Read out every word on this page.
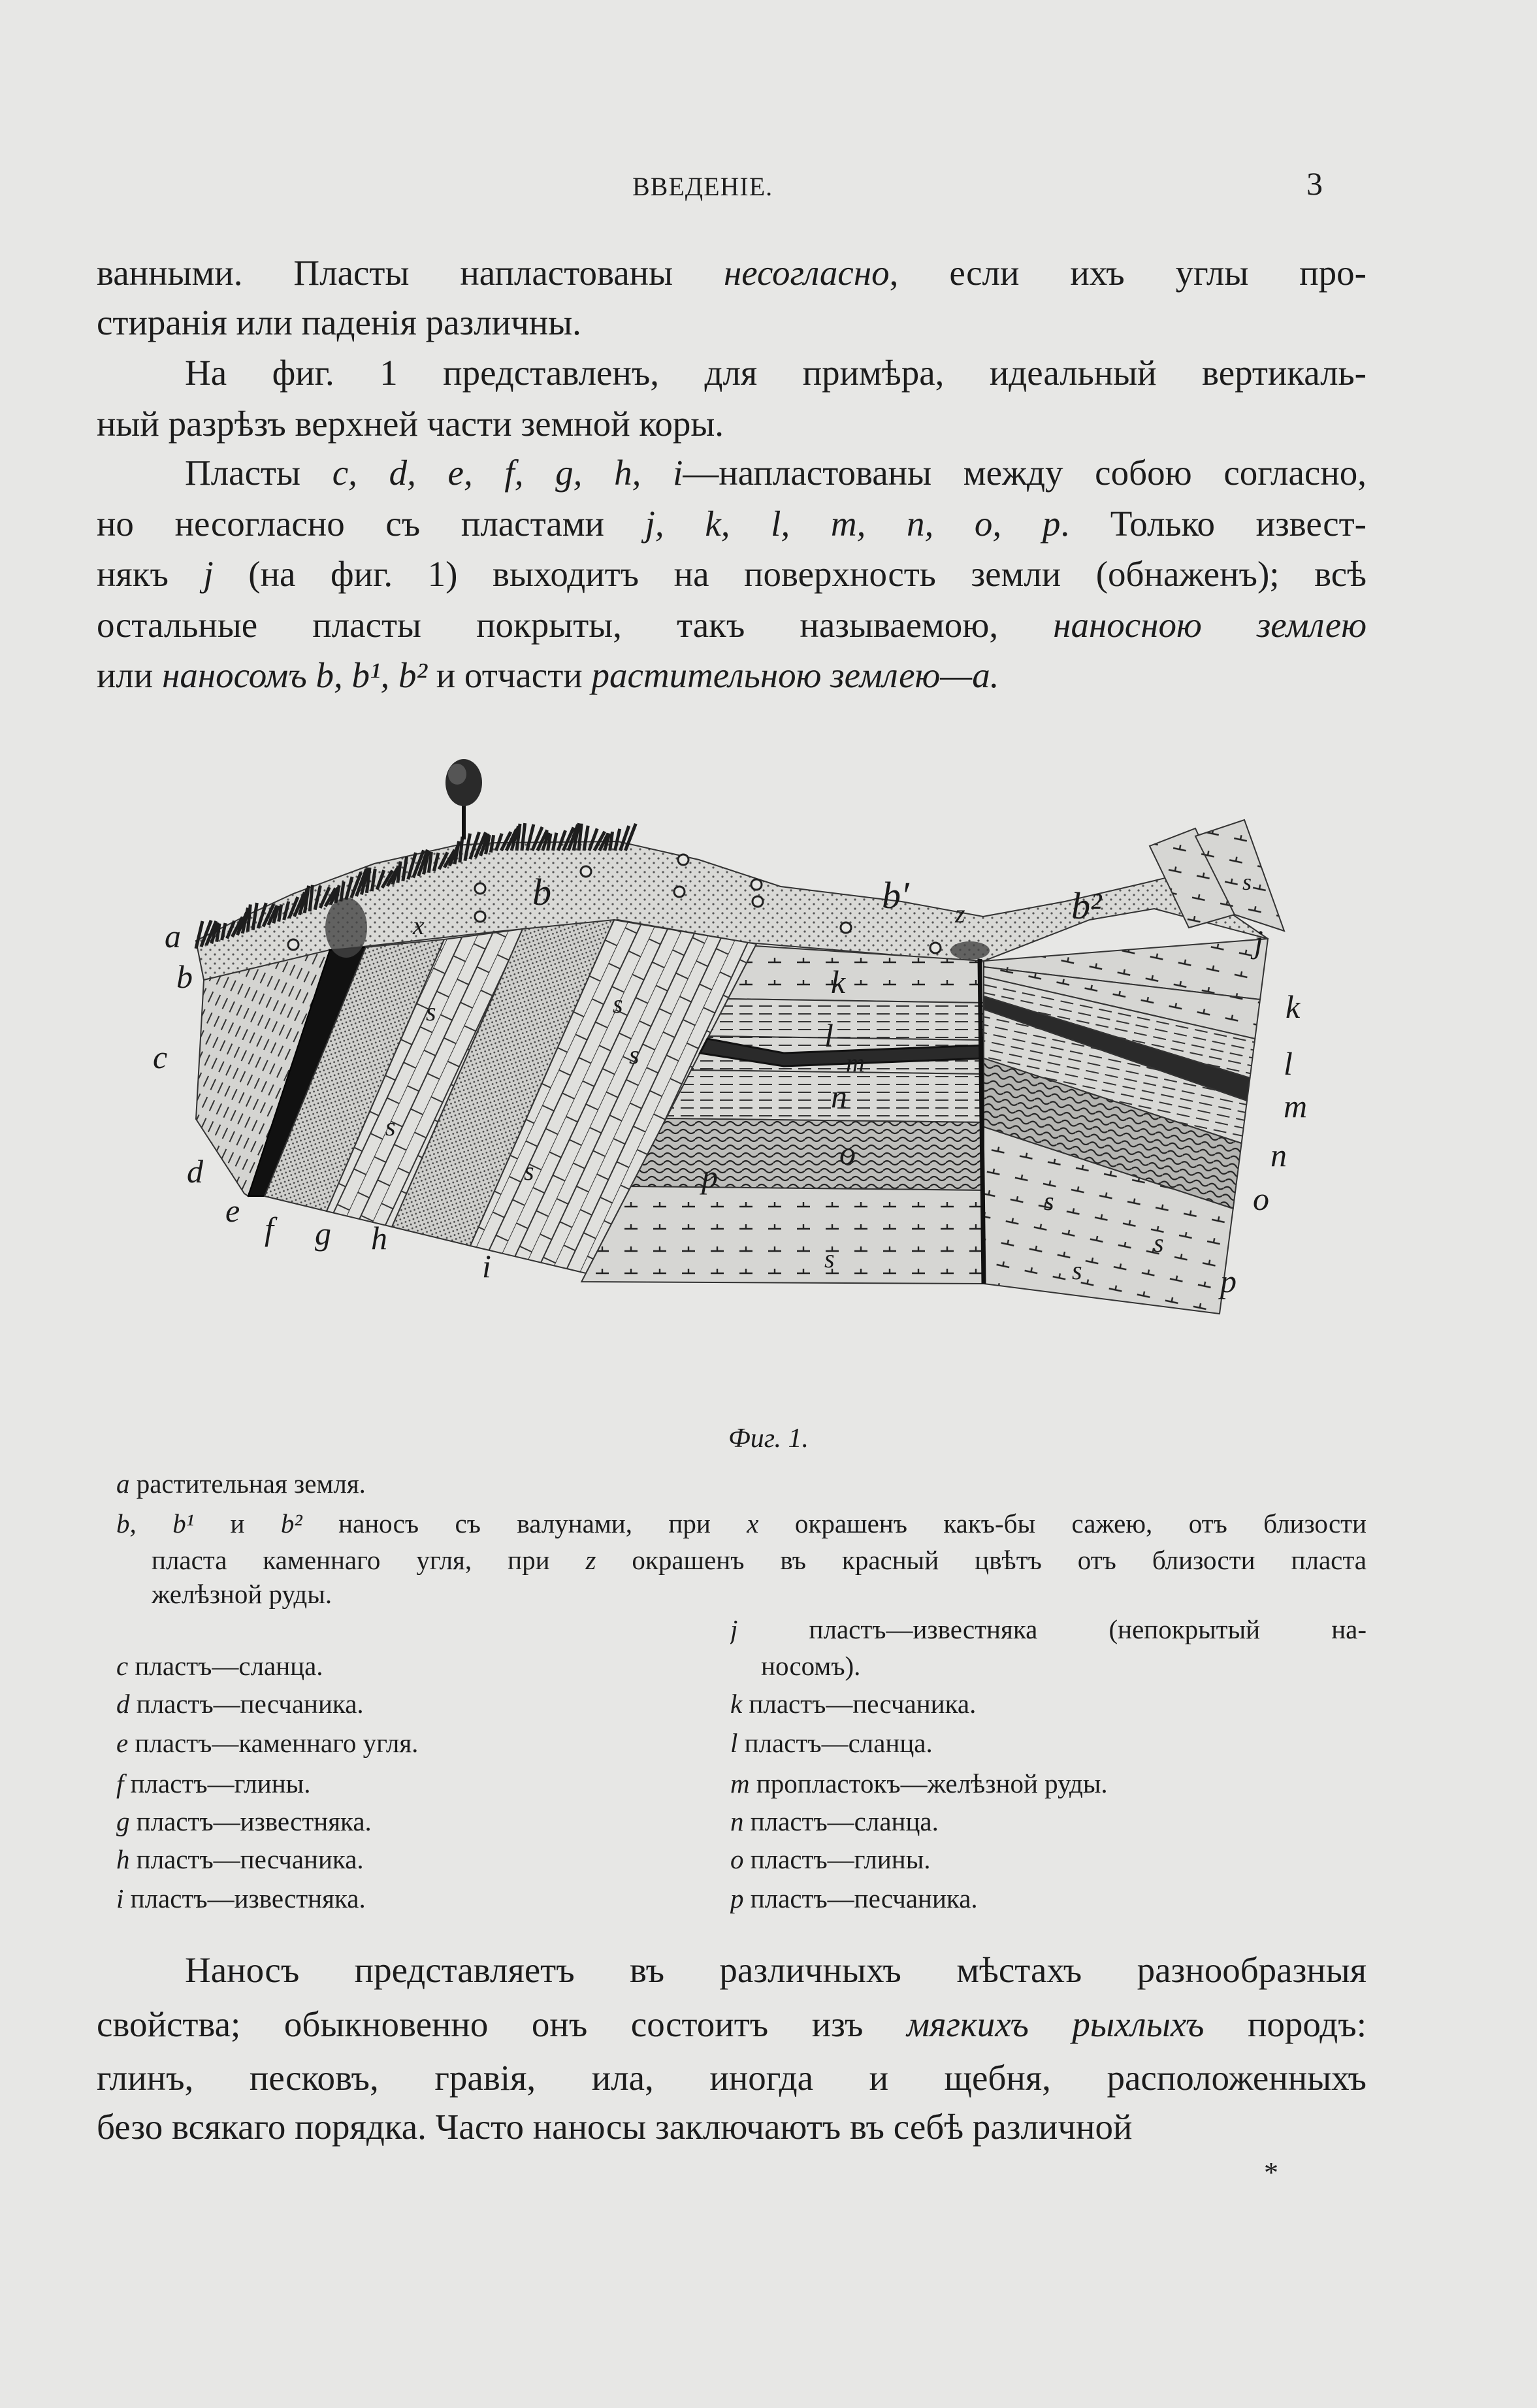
ВВЕДЕНІЕ.	3
ванными. Пласты напластованы несогласно, если ихъ углы про-
стиранія или паденія различны.
На фиг. 1 представленъ, для примѣра, идеальный вертикаль-
ный разрѣзъ верхней части земной коры.
Пласты c, d, e, f, g, h, i—напластованы между собою согласно,
но несогласно съ пластами j, k, l, m, n, o, p. Только извест-
някъ j (на фиг. 1) выходитъ на поверхность земли (обнаженъ); всѣ
остальные пласты покрыты, такъ называемою, наносною землею
или наносомъ b, b¹, b² и отчасти растительною землею—a.
a
b
c
d
e f g h
i
b
x
b′ z	b²
j
k
l
m
n
o
p
k
l
m
n
o
p
s
s
s
s
s
s
s
s
s
s
Фиг. 1.
a растительная земля.
b, b¹ и b² наносъ съ валунами, при x окрашенъ какъ-бы сажею, отъ близости
пласта каменнаго угля, при z окрашенъ въ красный цвѣтъ отъ близости пласта
желѣзной руды.
c пластъ—сланца.
d пластъ—песчаника.
e пластъ—каменнаго угля.
f пластъ—глины.
g пластъ—известняка.
h пластъ—песчаника.
i пластъ—известняка.
j	пластъ—известняка (непокрытый на-
носомъ).
k пластъ—песчаника.
l пластъ—сланца.
m пропластокъ—желѣзной руды.
n пластъ—сланца.
o пластъ—глины.
p пластъ—песчаника.
Наносъ представляетъ въ различныхъ мѣстахъ разнообразныя
свойства; обыкновенно онъ состоитъ изъ мягкихъ рыхлыхъ породъ:
глинъ, песковъ, гравія, ила, иногда и щебня, расположенныхъ
безо всякаго порядка. Часто наносы заключаютъ въ себѣ различной
*
